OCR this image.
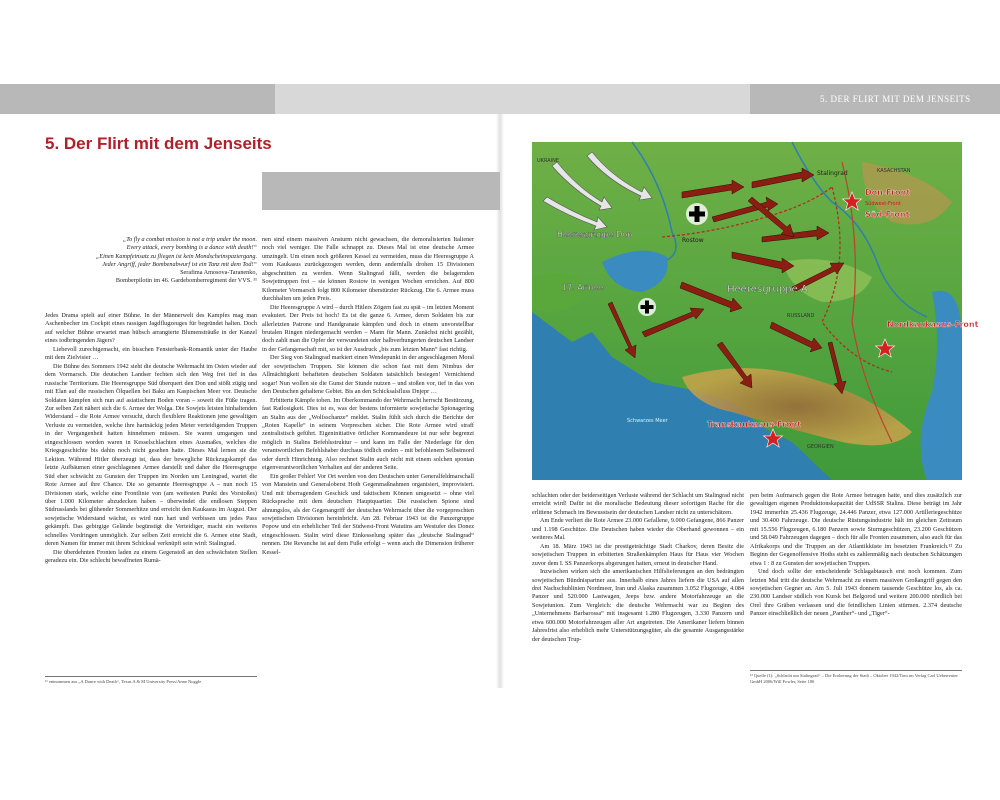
5. DER FLIRT MIT DEM JENSEITS
5. Der Flirt mit dem Jenseits
„To fly a combat mission is not a trip under the moon.
Every attack, every bombing is a dance with death!“
„Einen Kampfeinsatz zu fliegen ist kein Mondscheinspaziergang.
Jeder Angriff, jeder Bombenabwurf ist ein Tanz mit dem Tod!“
Serafima Amosova-Taranenko,
Bomberpilotin im 46. Gardebomberregiment der VVS. ¹¹

Jedes Drama spielt auf einer Bühne. In der Männerwelt des Kampfes mag man Aschenbecher im Cockpit eines rassigen Jagdflugzeuges für begründet halten. Doch auf welcher Bühne erwartet man hübsch arrangierte Blumensträuße in der Kanzel eines todbringenden Jägers?

Liebevoll zurechtgemacht, ein bisschen Fensterbank-Romantik unter der Haube mit dem Zielvisier …

Die Bühne des Sommers 1942 sieht die deutsche Wehrmacht im Osten wieder auf dem Vormarsch. Die deutschen Landser fechten sich den Weg frei tief in das russische Territorium. Die Heeresgruppe Süd überquert den Don und stößt zügig und mit Elan auf die russischen Ölquellen bei Baku am Kaspischen Meer vor. Deutsche Soldaten kämpfen sich nun auf asiatischem Boden voran – soweit die Füße tragen. Zur selben Zeit nähert sich die 6. Armee der Wolga. Die Sowjets leisten hinhaltenden Widerstand – die Rote Armee versucht, durch flexiblere Reaktionen jene gewaltigen Verluste zu vermeiden, welche ihre hartnäckig jeden Meter verteidigenden Truppen in der Vergangenheit hatten hinnehmen müssen. Sie waren umgangen und eingeschlossen worden waren in Kesselschlachten eines Ausmaßes, welches die Kriegsgeschichte bis dahin noch nicht gesehen hatte. Dieses Mal lernen sie die Lektion. Während Hitler überzeugt ist, dass der bewegliche Rückzugskampf das letzte Aufbäumen einer geschlagenen Armee darstellt und daher die Heeresgruppe Süd eher schwächt zu Gunsten der Truppen im Norden um Leningrad, wartet die Rote Armee auf ihre Chance. Die so genannte Heeresgruppe A – nun noch 15 Divisionen stark, welche eine Frontlinie von (am weitesten Punkt des Vorstoßes) über 1.000 Kilometer abzudecken haben – überwindet die endlosen Steppen Südrusslands bei glühender Sommerhitze und erreicht den Kaukasus im August. Der sowjetische Widerstand wächst, es wird nun hart und verbissen um jedes Pass gekämpft. Das gebirgige Gelände begünstigt die Verteidiger, macht ein weiteres schnelles Vordringen unmöglich. Zur selben Zeit erreicht die 6. Armee eine Stadt, deren Namen für immer mit ihrem Schicksal verknüpft sein wird: Stalingrad.

Die überdehnten Fronten laden zu einem Gegenstoß an den schwächsten Stellen geradezu ein. Die schlecht bewaffneten Rumä-

nen sind einem massiven Ansturm nicht gewachsen, die demoralisierten Italiener noch viel weniger. Die Falle schnappt zu. Dieses Mal ist eine deutsche Armee umzingelt. Um einen noch größeren Kessel zu vermeiden, muss die Heeresgruppe A vom Kaukasus zurückgezogen werden, denn andernfalls drohen 15 Divisionen abgeschnitten zu werden. Wenn Stalingrad fällt, werden die belagernden Sowjettruppen frei – sie können Rostow in wenigen Wochen erreichen. Auf 800 Kilometer Vormarsch folgt 800 Kilometer überstürzter Rückzug. Die 6. Armee muss durchhalten um jeden Preis.

Die Heeresgruppe A wird – durch Hitlers Zögern fast zu spät – im letzten Moment evakuiert. Der Preis ist hoch! Es ist die ganze 6. Armee, deren Soldaten bis zur allerletzten Patrone und Handgranate kämpfen und doch in einem unvorstellbar brutalen Ringen niedergemacht werden – Mann für Mann. Zunächst nicht gezählt, doch zahlt man die Opfer der verwundeten oder halbverhungerten deutschen Landser in der Gefangenschaft mit, so ist der Ausdruck „bis zum letzten Mann“ fast richtig.

Der Sieg von Stalingrad markiert einen Wendepunkt in der angeschlagenen Moral der sowjetischen Truppen. Sie können die schon fast mit dem Nimbus der Allmächtigkeit behafteten deutschen Soldaten tatsächlich besiegen! Vernichtend sogar! Nun wollen sie die Gunst der Stunde nutzen – und stoßen vor, tief in das von den Deutschen gehaltene Gebiet. Bis an den Schicksalsfluss Dnjepr …

Erbitterte Kämpfe toben. Im Oberkommando der Wehrmacht herrscht Bestürzung, fast Ratlosigkeit. Dies ist es, was der bestens informierte sowjetische Spionagering an Stalin aus der „Wolfsschanze“ meldet. Stalin fühlt sich durch die Berichte der „Roten Kapelle“ in seinem Vorpreschen sicher. Die Rote Armee wird straff zentralistisch geführt. Eigeninitiative örtlicher Kommandeure ist nur sehr begrenzt möglich in Stalins Befehlsstruktur – und kann im Falle der Niederlage für den verantwortlichen Befehlshaber durchaus tödlich enden – mit befohlenem Selbstmord oder durch Hinrichtung. Also rechnet Stalin auch nicht mit einem solchen spontan eigenverantwortlichen Verhalten auf der anderen Seite.

Ein großer Fehler! Vor Ort werden von den Deutschen unter Generalfeldmarschall von Manstein und Generaloberst Hoth Gegenmaßnahmen organisiert, improvisiert. Und mit überragendem Geschick und taktischem Können umgesetzt – ohne viel Rücksprache mit dem deutschen Hauptquartier. Die russischen Spione sind ahnungslos, als der Gegenangriff der deutschen Wehrmacht über die vorgepreschten sowjetischen Divisionen hereinbricht. Am 28. Februar 1943 ist die Panzergruppe Popow und ein erheblicher Teil der Südwest-Front Watutins am Westufer des Donez eingeschlossen. Stalin wird diese Einkesselung später das „deutsche Stalingrad“ nennen. Die Revanche ist auf dem Fuße erfolgt – wenn auch die Dimension früherer Kessel-

schlachten oder der beiderseitigen Verluste während der Schlacht um Stalingrad nicht erreicht wird! Dafür ist die moralische Bedeutung dieser sofortigen Rache für die erlittene Schmach im Bewusstsein der deutschen Landser nicht zu unterschätzen.

Am Ende verliert die Rote Armee 23.000 Gefallene, 9.000 Gefangene, 866 Panzer und 1.198 Geschütze. Die Deutschen haben wieder die Oberhand gewonnen – ein weiteres Mal.

Am 18. März 1943 ist die prestigeträchtige Stadt Charkov, deren Besitz die sowjetischen Truppen in erbitterten Straßenkämpfen Haus für Haus vier Wochen zuvor dem I. SS Panzerkorps abgerungen hatten, erneut in deutscher Hand.

Inzwischen wirken sich die amerikanischen Hilfslieferungen an den bedrängten sowjetischen Bündnispartner aus. Innerhalb eines Jahres liefern die USA auf allen drei Nachschublinien Nordmeer, Iran und Alaska zusammen 3.052 Flugzeuge, 4.084 Panzer und 520.000 Lastwagen, Jeeps bzw. andere Motorfahrzeuge an die Sowjetunion. Zum Vergleich: die deutsche Wehrmacht war zu Beginn des „Unternehmens Barbarossa“ mit insgesamt 1.280 Flugzeugen, 3.330 Panzern und etwa 600.000 Motorfahrzeugen aller Art angetreten. Die Amerikaner liefern binnen Jahresfrist also erheblich mehr Unterstützungsgüter, als die gesamte Ausgangsstärke der deutschen Trup-

pen beim Aufmarsch gegen die Rote Armee betragen hatte, und dies zusätzlich zur gewaltigen eigenen Produktionskapazität der UdSSR Stalins. Diese beträgt im Jahr 1942 immerhin 25.436 Flugzeuge, 24.446 Panzer, etwa 127.000 Artilleriegeschütze und 30.400 Fahrzeuge. Die deutsche Rüstungsindustrie hält im gleichen Zeitraum mit 15.556 Flugzeugen, 6.180 Panzern sowie Sturmgeschützen, 23.200 Geschützen und 58.049 Fahrzeugen dagegen – doch für alle Fronten zusammen, also auch für das Afrikakorps und die Truppen an der Atlantikküste im besetzten Frankreich.¹² Zu Beginn der Gegenoffensive Hoths steht es zahlenmäßig nach deutschen Schätzungen etwa 1 : 8 zu Gunsten der sowjetischen Truppen.

Und doch sollte der entscheidende Schlagabtausch erst noch kommen. Zum letzten Mal tritt die deutsche Wehrmacht zu einem massiven Großangriff gegen den sowjetischen Gegner an. Am 5. Juli 1943 donnern tausende Geschütze los, als ca. 230.000 Landser südlich von Kursk bei Belgorod und weitere 200.000 nördlich bei Orel ihre Gräben verlassen und die feindlichen Linien stürmen. 2.374 deutsche Panzer einschließlich der neuen „Panther“- und „Tiger“-

¹¹ entnommen aus „A Dance with Death“, Texas A & M University Press/Anne Noggle
¹² Quelle (1): „Schlacht um Stalingrad“ – Die Eroberung der Stadt – Oktober 1942/Tom im Verlag Carl Ueberreuter GmbH 2006/Will Fowler, Seite 180
Don-Front
Südwest-Front
Süd-Front
Stalingrad	KASACHSTAN
Rostow
Heeresgruppe Don
17. Armee	Heeresgruppe A
RUSSLAND
Nordkaukasus-Front
Transkaukasus-Front
Schwarzes Meer
GEORGIEN
UKRAINE
